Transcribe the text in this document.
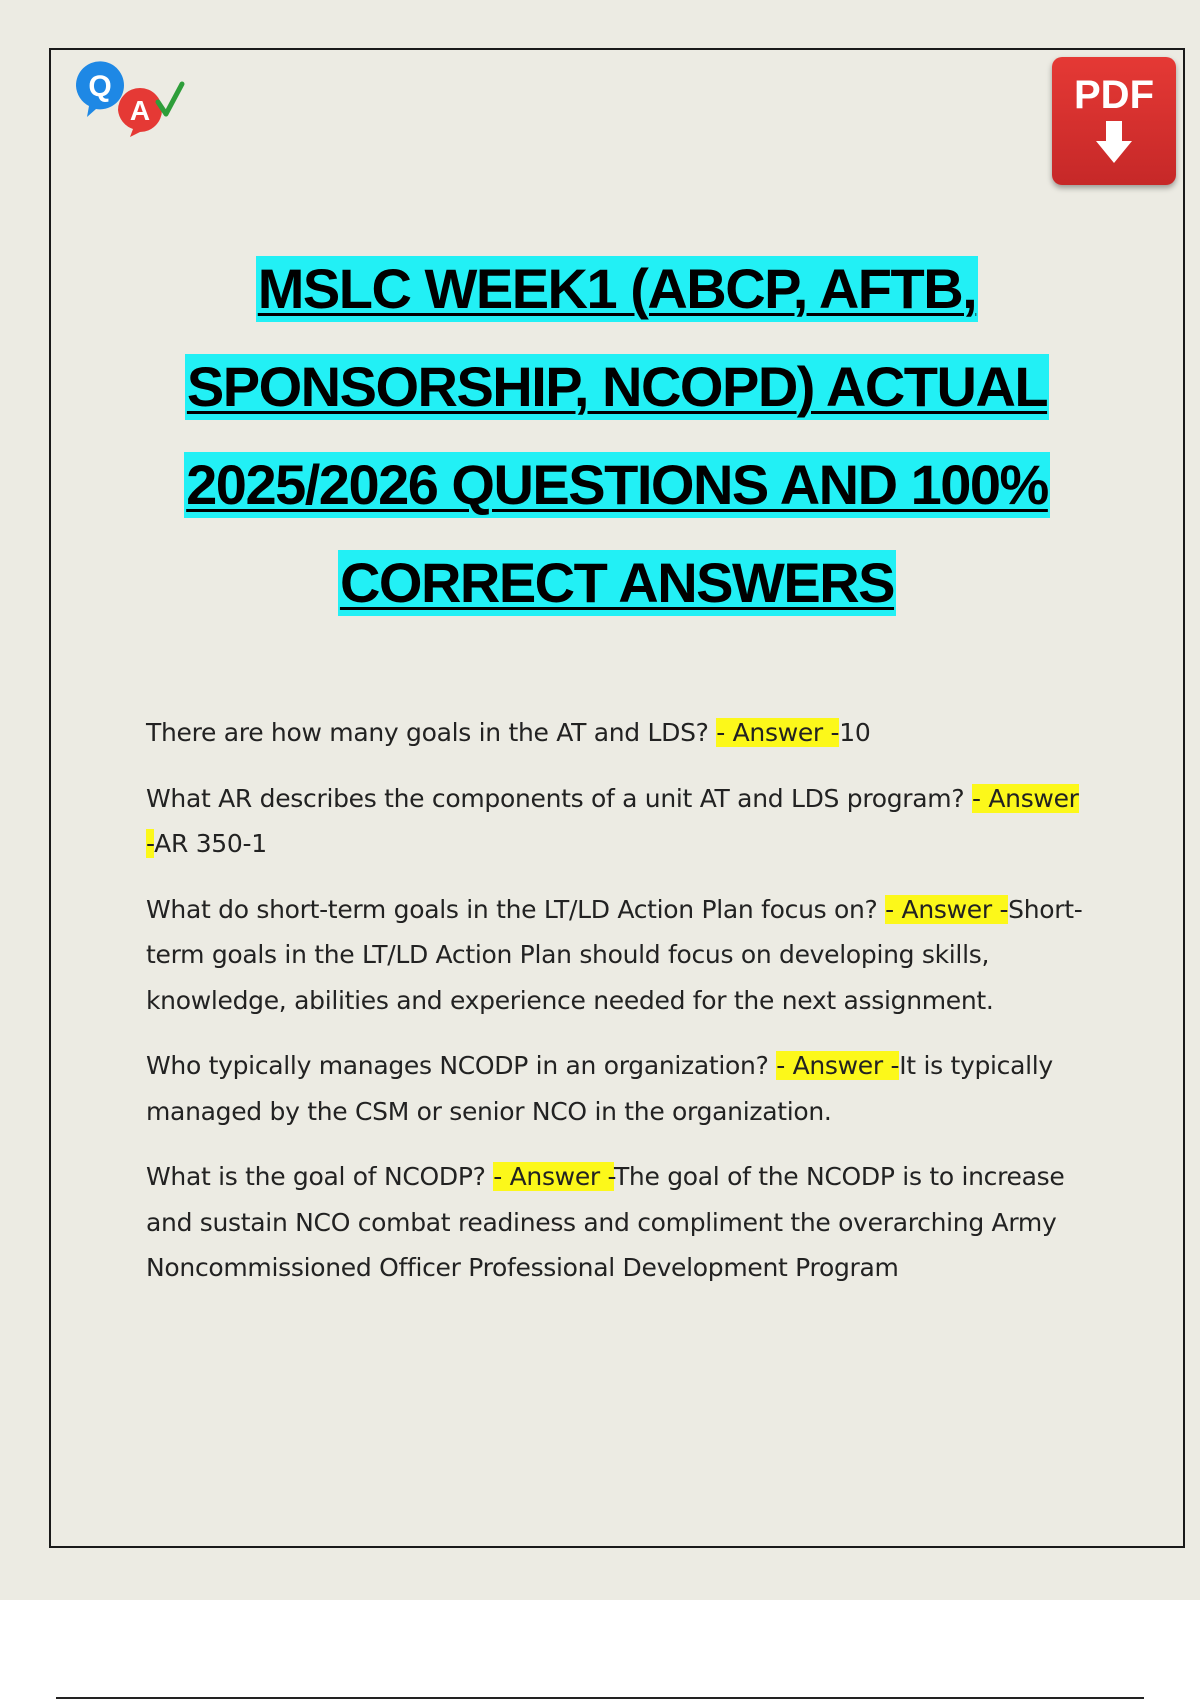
Q
A	PDF
MSLC WEEK1 (ABCP, AFTB,
SPONSORSHIP, NCOPD) ACTUAL
2025/2026 QUESTIONS AND 100%
CORRECT ANSWERS

There are how many goals in the AT and LDS? - Answer -10

What AR describes the components of a unit AT and LDS program? - Answer -AR 350-1

What do short-term goals in the LT/LD Action Plan focus on? - Answer -Short-term goals in the LT/LD Action Plan should focus on developing skills, knowledge, abilities and experience needed for the next assignment.

Who typically manages NCODP in an organization? - Answer -It is typically managed by the CSM or senior NCO in the organization.

What is the goal of NCODP? - Answer -The goal of the NCODP is to increase and sustain NCO combat readiness and compliment the overarching Army Noncommissioned Officer Professional Development Program
